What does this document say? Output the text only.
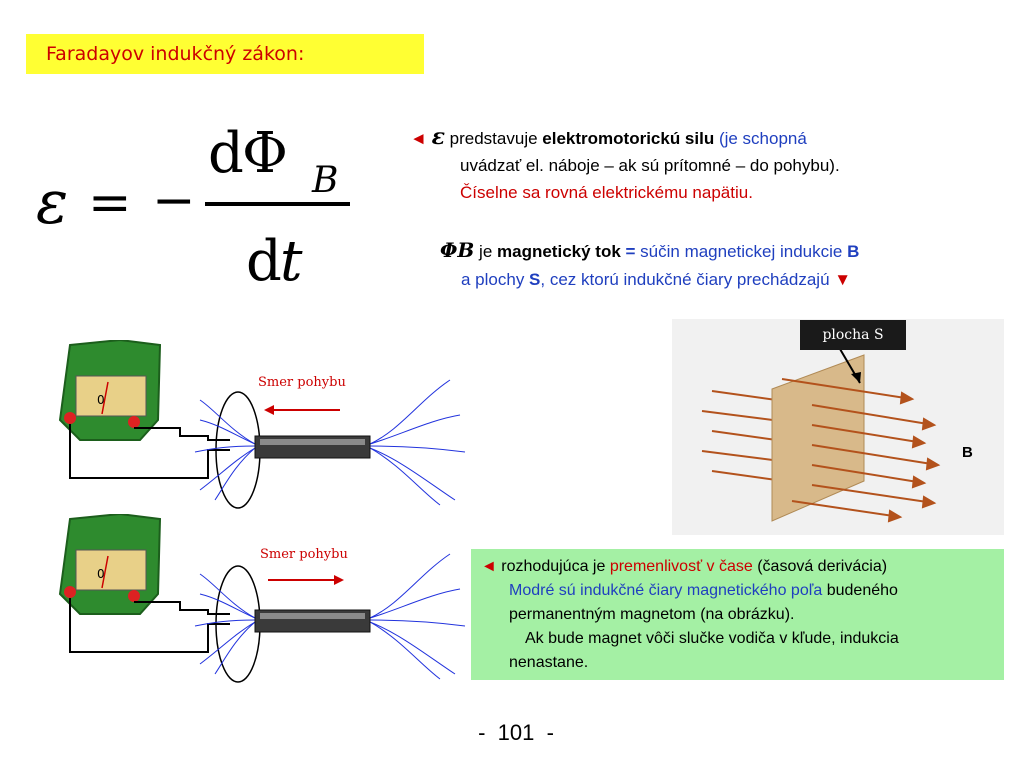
Faradayov indukčný zákon:
ε = −
d
Φ B
d
t
◄ ε predstavuje elektromotorickú silu (je schopná
uvádzať el. náboje – ak sú prítomné – do pohybu).
Číselne sa rovná elektrickému napätiu.
ΦB je magnetický tok = súčin magnetickej indukcie B
a plochy S, cez ktorú indukčné čiary prechádzajú ▼
B
plocha S
0
Smer pohybu
0
Smer pohybu
◄ rozhodujúca je premenlivosť v čase (časová derivácia)
Modré sú indukčné čiary magnetického poľa budeného
permanentným magnetom (na obrázku).
Ak bude magnet vôči slučke vodiča v kľude, indukcia
nenastane.
-  101  -
